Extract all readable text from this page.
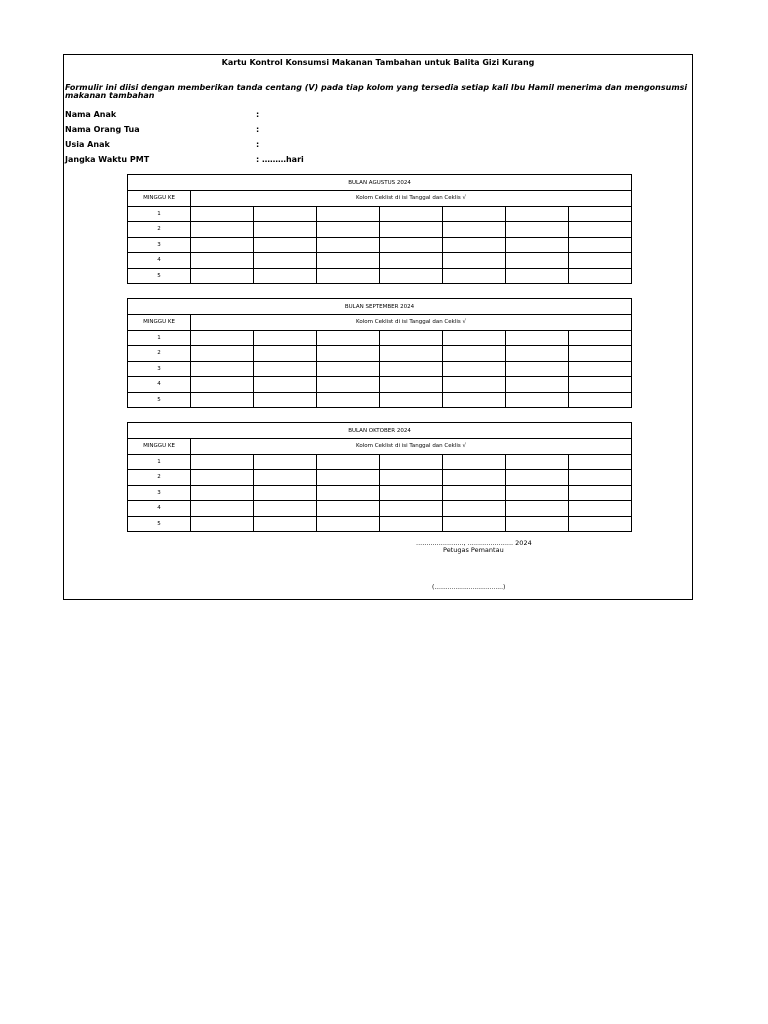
Kartu Kontrol Konsumsi Makanan Tambahan untuk Balita Gizi Kurang
Formulir ini diisi dengan memberikan tanda centang (V) pada tiap kolom yang tersedia setiap kali Ibu Hamil menerima dan mengonsumsi makanan tambahan
Nama Anak	:
Nama Orang Tua	:
Usia Anak	:
Jangka Waktu PMT	: ………hari
BULAN AGUSTUS 2024							
MINGGU KE	Kolom Ceklist di isi Tanggal dan Ceklis √						
1							
2							
3							
4							
5							
BULAN SEPTEMBER 2024							
MINGGU KE	Kolom Ceklist di isi Tanggal dan Ceklis √						
1							
2							
3							
4							
5							
BULAN OKTOBER 2024							
MINGGU KE	Kolom Ceklist di isi Tanggal dan Ceklis √						
1							
2							
3							
4							
5							
......................., ...................... 2024
Petugas Pemantau
(....................................)
